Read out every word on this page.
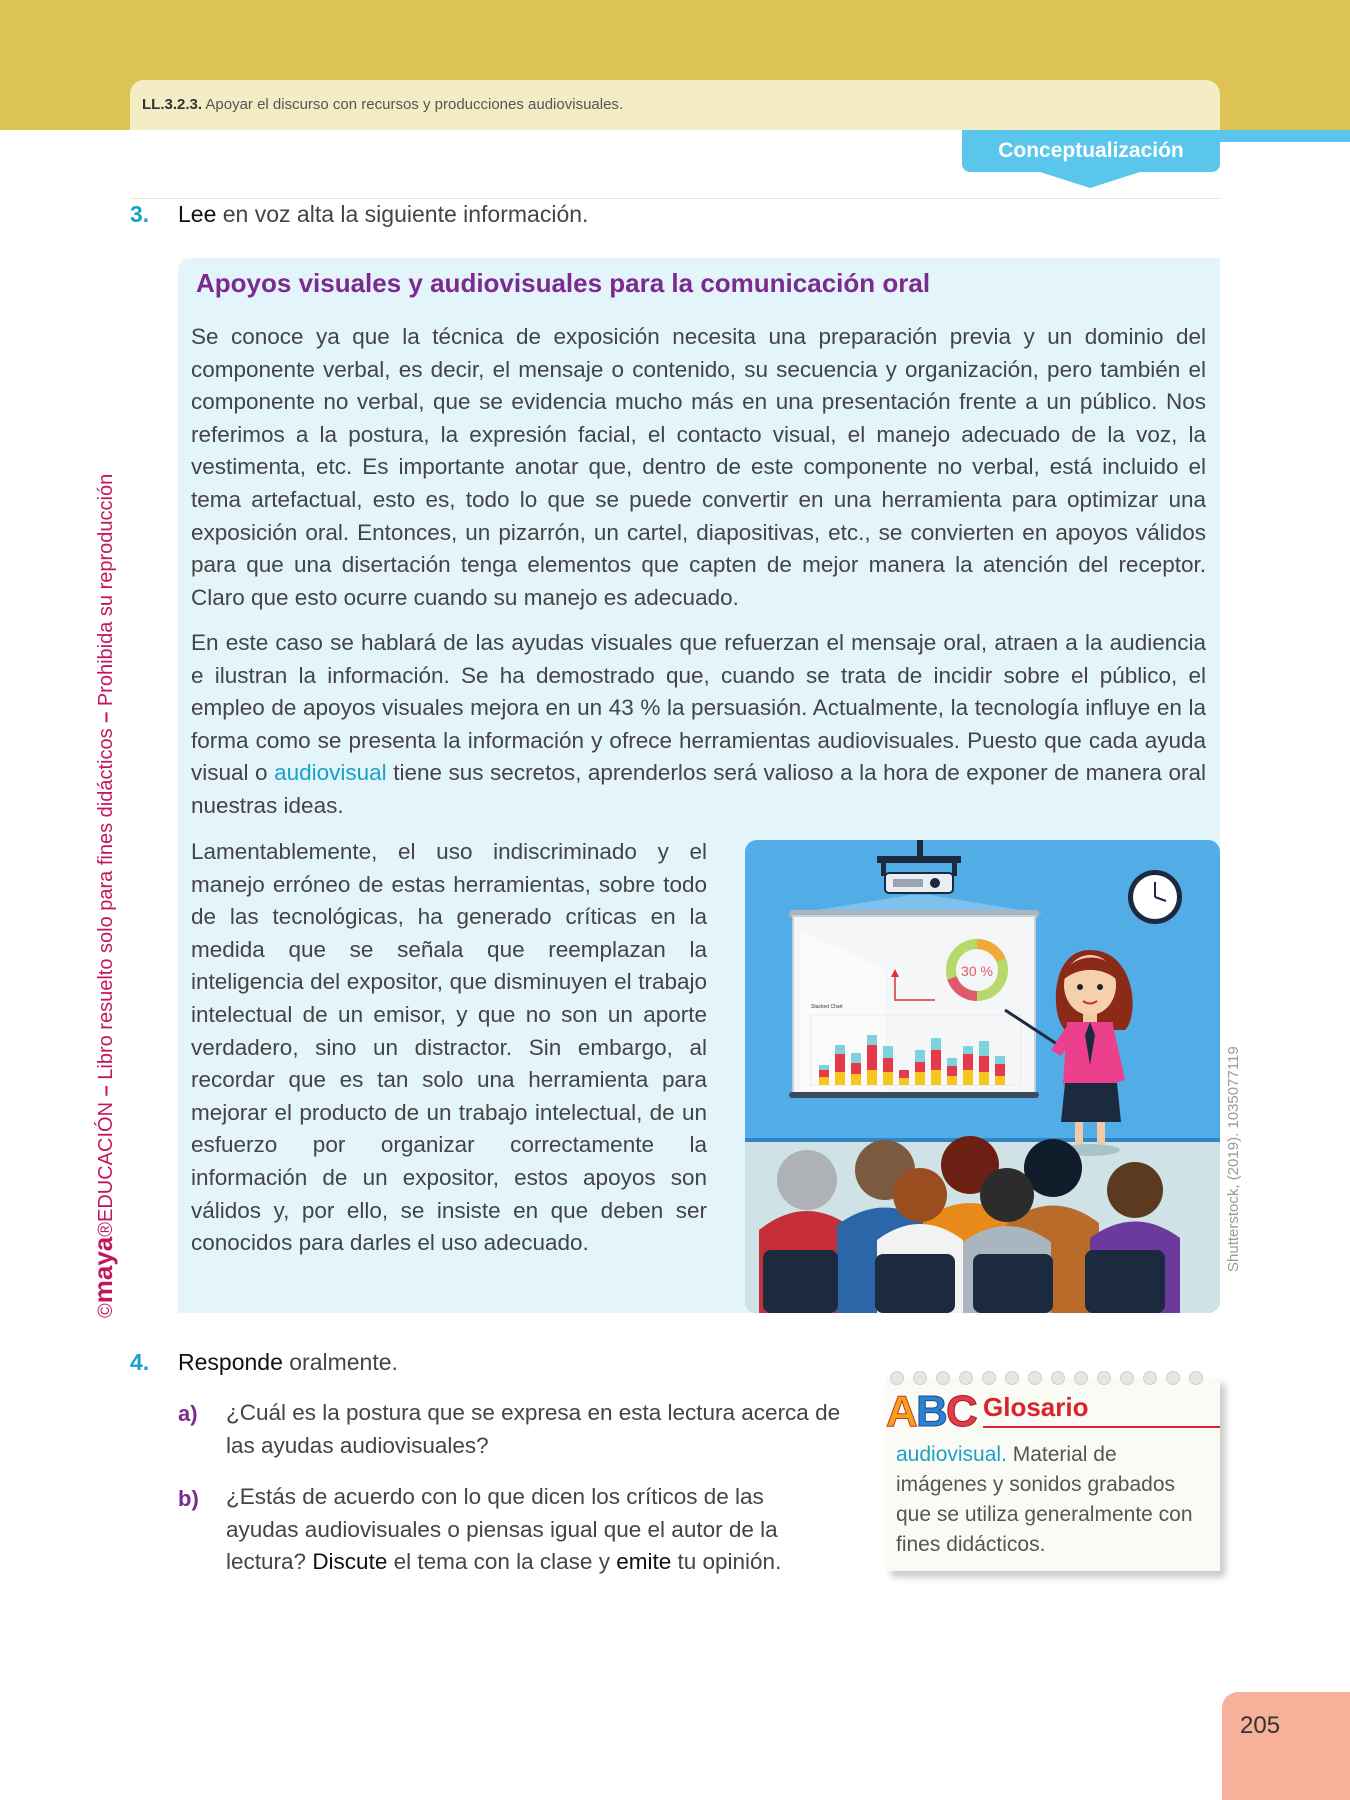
LL.3.2.3. Apoyar el discurso con recursos y producciones audiovisuales.
Conceptualización
©maya®EDUCACIÓN – Libro resuelto solo para fines didácticos – Prohibida su reproducción
Shutterstock, (2019). 1035077119
3. Lee en voz alta la siguiente información.
Apoyos visuales y audiovisuales para la comunicación oral

Se conoce ya que la técnica de exposición necesita una preparación previa y un dominio del componente verbal, es decir, el mensaje o contenido, su secuencia y organización, pero también el componente no verbal, que se evidencia mucho más en una presentación frente a un público. Nos referimos a la postura, la expresión facial, el contacto visual, el manejo adecuado de la voz, la vestimenta, etc. Es importante anotar que, dentro de este componente no verbal, está incluido el tema artefactual, esto es, todo lo que se puede convertir en una herramienta para optimizar una exposición oral. Entonces, un pizarrón, un cartel, diapositivas, etc., se convierten en apoyos válidos para que una disertación tenga elementos que capten de mejor manera la atención del receptor. Claro que esto ocurre cuando su manejo es adecuado.

En este caso se hablará de las ayudas visuales que refuerzan el mensaje oral, atraen a la audiencia e ilustran la información. Se ha demostrado que, cuando se trata de incidir sobre el público, el empleo de apoyos visuales mejora en un 43 % la persuasión. Actualmente, la tecnología influye en la forma como se presenta la información y ofrece herramientas audiovisuales. Puesto que cada ayuda visual o audiovisual tiene sus secretos, aprenderlos será valioso a la hora de exponer de manera oral nuestras ideas.

Lamentablemente, el uso indiscriminado y el manejo erróneo de estas herramientas, sobre todo de las tecnológicas, ha generado críticas en la medida que se señala que reemplazan la inteligencia del expositor, que disminuyen el trabajo intelectual de un emisor, y que no son un aporte verdadero, sino un distractor. Sin embargo, al recordar que es tan solo una herramienta para mejorar el producto de un trabajo intelectual, de un esfuerzo por organizar correctamente la información de un expositor, estos apoyos son válidos y, por ello, se insiste en que deben ser conocidos para darles el uso adecuado.

30 %
Stacked Chart
4. Responde oralmente.
a) ¿Cuál es la postura que se expresa en esta lectura acerca de las ayudas audiovisuales?
b) ¿Estás de acuerdo con lo que dicen los críticos de las ayudas audiovisuales o piensas igual que el autor de la lectura? Discute el tema con la clase y emite tu opinión.
A
B
C Glosario
audiovisual. Material de imágenes y sonidos grabados que se utiliza generalmente con fines didácticos.
205
